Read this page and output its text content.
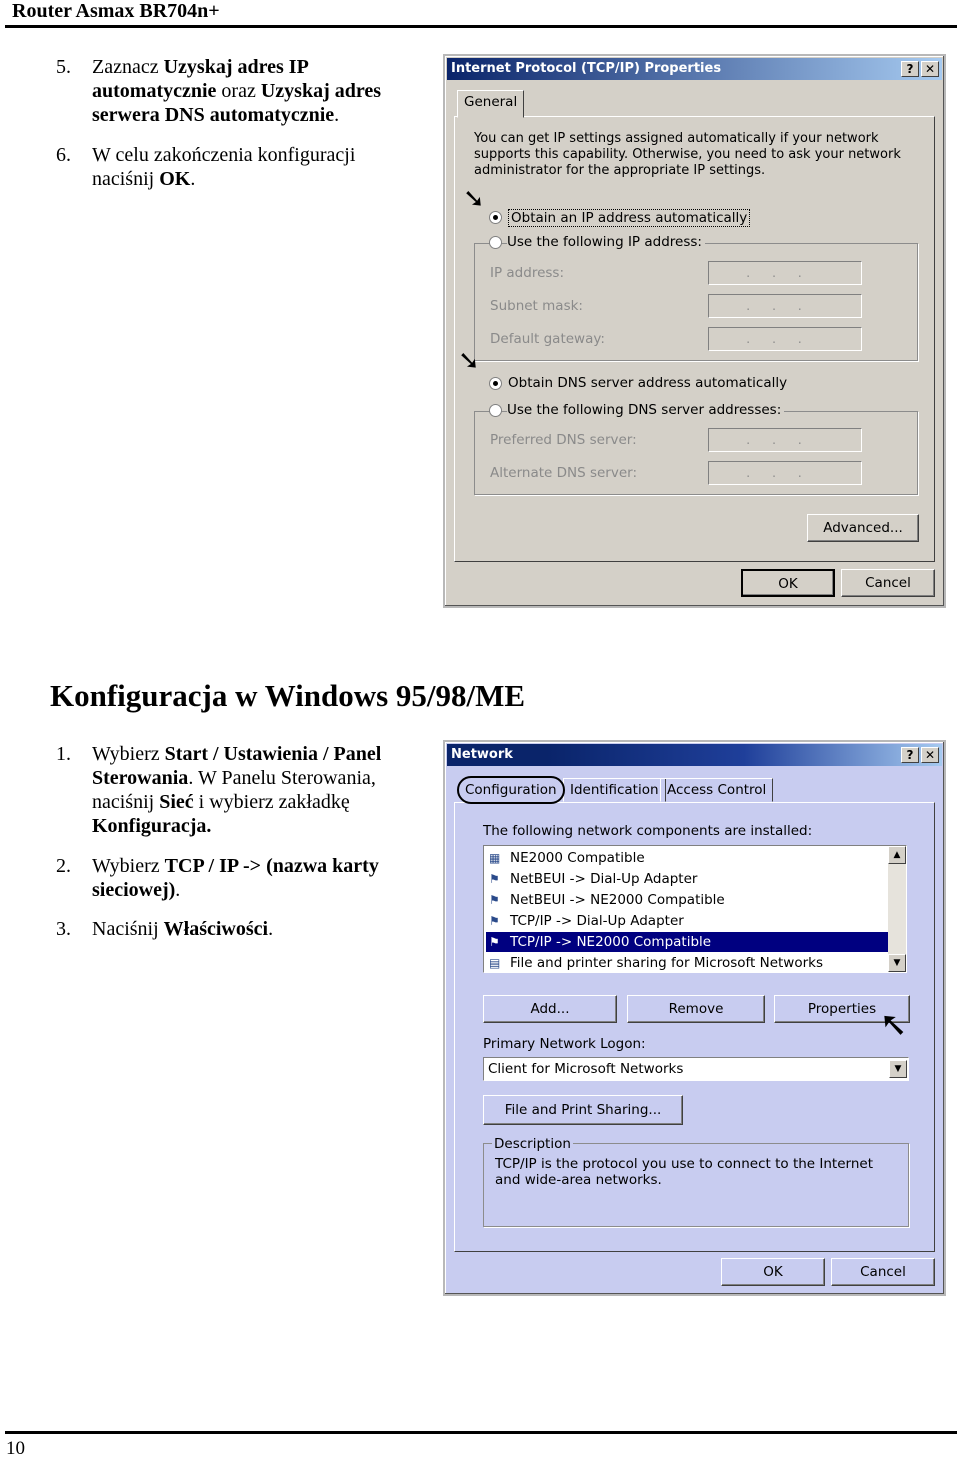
Router Asmax BR704n+
5. Zaznacz Uzyskaj adres IP automatycznie oraz Uzyskaj adres serwera DNS automatycznie.
6. W celu zakończenia konfiguracji naciśnij OK.
Internet Protocol (TCP/IP) Properties	? ✕
General
You can get IP settings assigned automatically if your network supports this capability. Otherwise, you need to ask your network administrator for the appropriate IP settings.
Obtain an IP address automatically
Use the following IP address:
IP address:	...
Subnet mask:	...
Default gateway:	...
Obtain DNS server address automatically
Use the following DNS server addresses:
Preferred DNS server:	...
Alternate DNS server:	...
Advanced...
OK	Cancel
➘
➘
Konfiguracja w Windows 95/98/ME
1. Wybierz Start / Ustawienia / Panel Sterowania. W Panelu Sterowania, naciśnij Sieć i wybierz zakładkę Konfiguracja.
2. Wybierz TCP / IP -> (nazwa karty sieciowej).
3. Naciśnij Właściwości.
Network	? ✕
Configuration Identification Access Control
The following network components are installed:
▦ NE2000 Compatible
⚑ NetBEUI -> Dial-Up Adapter
⚑ NetBEUI -> NE2000 Compatible
⚑ TCP/IP -> Dial-Up Adapter
⚑ TCP/IP -> NE2000 Compatible
▤ File and printer sharing for Microsoft Networks
▲
▼
Add...	Remove	Properties ➘
Primary Network Logon:
Client for Microsoft Networks	▼
File and Print Sharing...
Description
TCP/IP is the protocol you use to connect to the Internet and wide-area networks.
OK	Cancel
10
